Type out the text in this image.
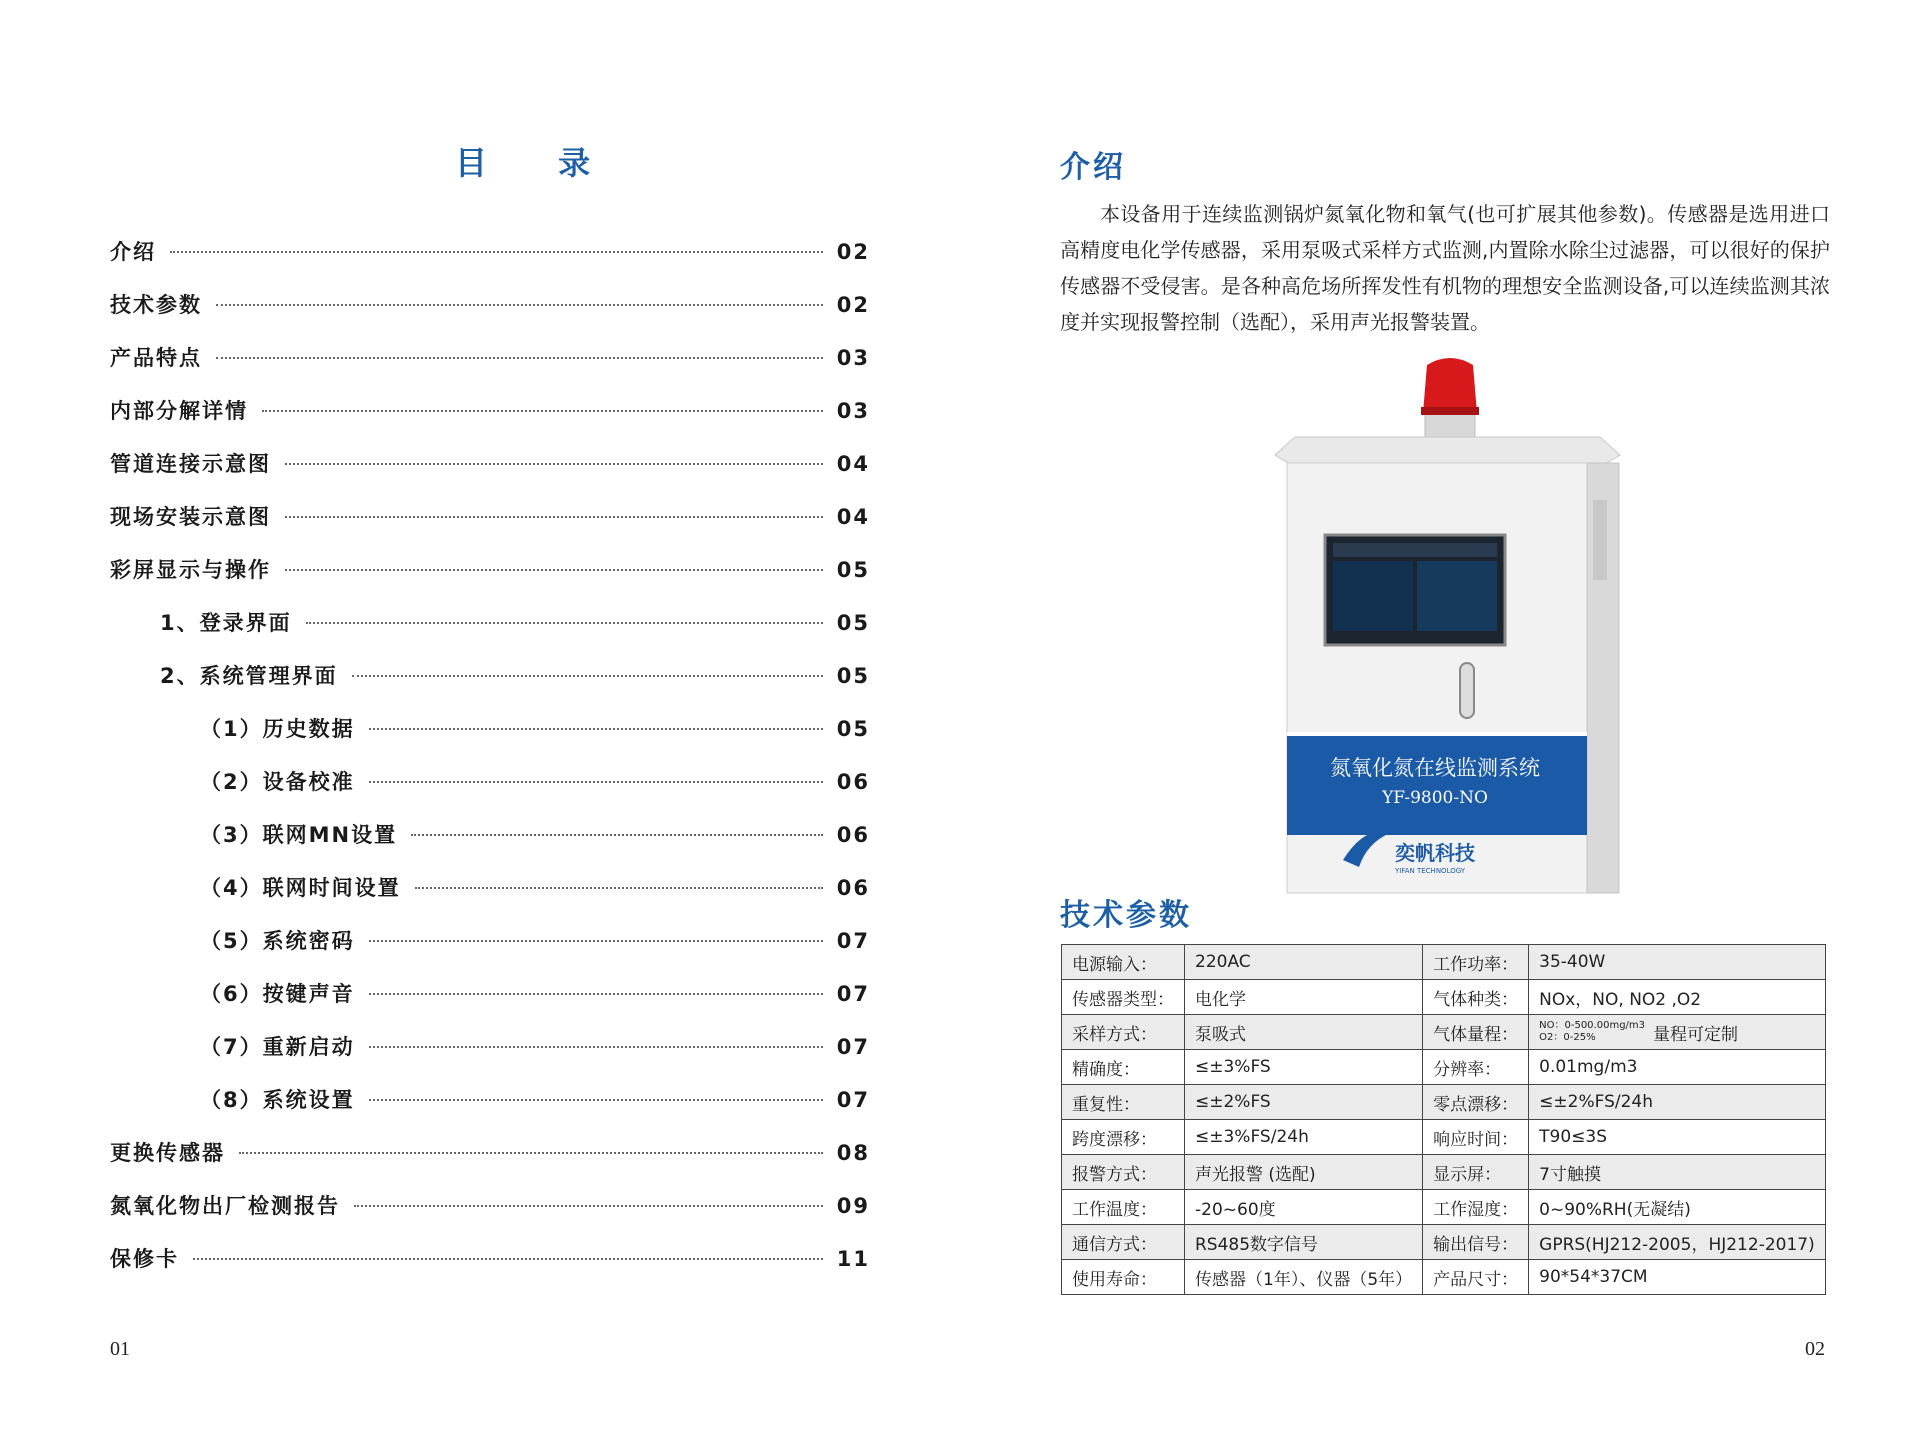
目 录
介绍	02
技术参数	02
产品特点	03
内部分解详情	03
管道连接示意图	04
现场安装示意图	04
彩屏显示与操作	05
1、登录界面	05
2、系统管理界面	05
（1）历史数据	05
（2）设备校准	06
（3）联网MN设置	06
（4）联网时间设置	06
（5）系统密码	07
（6）按键声音	07
（7）重新启动	07
（8）系统设置	07
更换传感器	08
氮氧化物出厂检测报告	09
保修卡	11
01
介绍
本设备用于连续监测锅炉氮氧化物和氧气(也可扩展其他参数)。传感器是选用进口高精度电化学传感器，采用泵吸式采样方式监测,内置除水除尘过滤器，可以很好的保护传感器不受侵害。是各种高危场所挥发性有机物的理想安全监测设备,可以连续监测其浓度并实现报警控制（选配），采用声光报警装置。
氮氧化氮在线监测系统
YF-9800-NO
奕帆科技
YIFAN TECHNOLOGY
技术参数
电源输入：	220AC	工作功率：	35-40W
传感器类型：	电化学	气体种类：	NOx，NO, NO2 ,O2
采样方式：	泵吸式	气体量程：	NO：0-500.00mg/m3
O2：0-25% 量程可定制

精确度：	≤±3%FS	分辨率：	0.01mg/m3
重复性：	≤±2%FS	零点漂移：	≤±2%FS/24h
跨度漂移：	≤±3%FS/24h	响应时间：	T90≤3S
报警方式：	声光报警 (选配)	显示屏：	7寸触摸
工作温度：	-20~60度	工作湿度：	0~90%RH(无凝结)
通信方式：	RS485数字信号	输出信号：	GPRS(HJ212-2005，HJ212-2017)
使用寿命：	传感器（1年）、仪器（5年）	产品尺寸：	90*54*37CM
02
